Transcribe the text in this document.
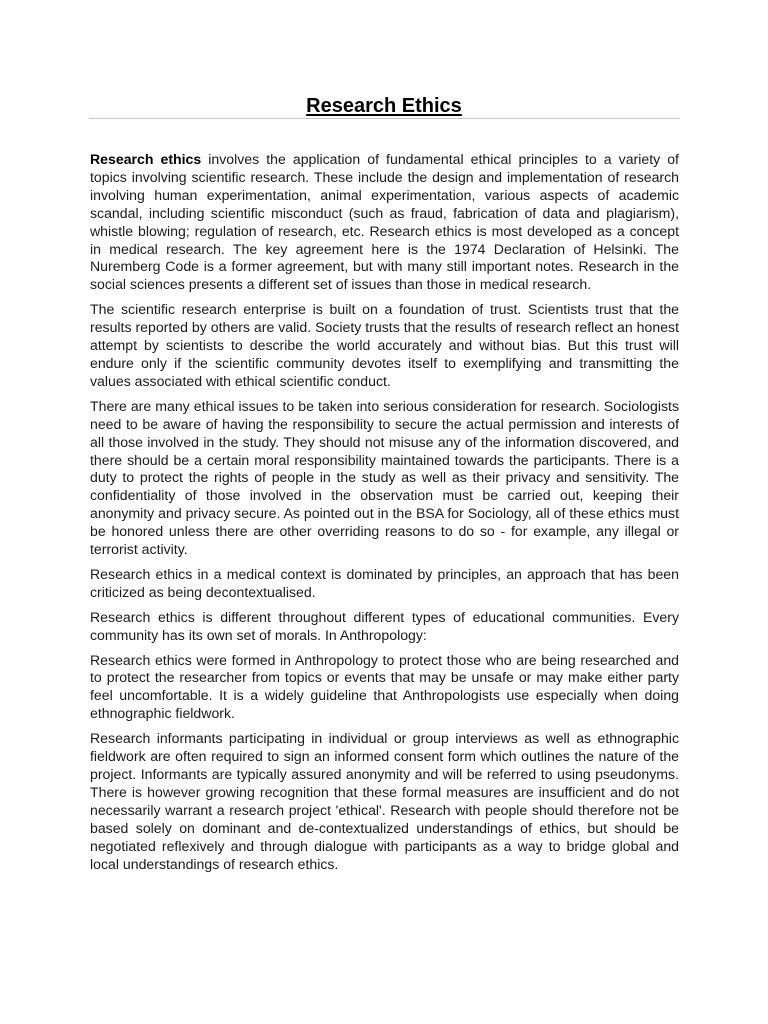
Research Ethics

Research ethics involves the application of fundamental ethical principles to a variety of topics involving scientific research. These include the design and implementation of research involving human experimentation, animal experimentation, various aspects of academic scandal, including scientific misconduct (such as fraud, fabrication of data and plagiarism), whistle blowing; regulation of research, etc. Research ethics is most developed as a concept in medical research. The key agreement here is the 1974 Declaration of Helsinki. The Nuremberg Code is a former agreement, but with many still important notes. Research in the social sciences presents a different set of issues than those in medical research.

The scientific research enterprise is built on a foundation of trust. Scientists trust that the results reported by others are valid. Society trusts that the results of research reflect an honest attempt by scientists to describe the world accurately and without bias. But this trust will endure only if the scientific community devotes itself to exemplifying and transmitting the values associated with ethical scientific conduct.

There are many ethical issues to be taken into serious consideration for research. Sociologists need to be aware of having the responsibility to secure the actual permission and interests of all those involved in the study. They should not misuse any of the information discovered, and there should be a certain moral responsibility maintained towards the participants. There is a duty to protect the rights of people in the study as well as their privacy and sensitivity. The confidentiality of those involved in the observation must be carried out, keeping their anonymity and privacy secure. As pointed out in the BSA for Sociology, all of these ethics must be honored unless there are other overriding reasons to do so - for example, any illegal or terrorist activity.

Research ethics in a medical context is dominated by principles, an approach that has been criticized as being decontextualised.

Research ethics is different throughout different types of educational communities. Every community has its own set of morals. In Anthropology:

Research ethics were formed in Anthropology to protect those who are being researched and to protect the researcher from topics or events that may be unsafe or may make either party feel uncomfortable. It is a widely guideline that Anthropologists use especially when doing ethnographic fieldwork.

Research informants participating in individual or group interviews as well as ethnographic fieldwork are often required to sign an informed consent form which outlines the nature of the project. Informants are typically assured anonymity and will be referred to using pseudonyms. There is however growing recognition that these formal measures are insufficient and do not necessarily warrant a research project 'ethical'. Research with people should therefore not be based solely on dominant and de-contextualized understandings of ethics, but should be negotiated reflexively and through dialogue with participants as a way to bridge global and local understandings of research ethics.
